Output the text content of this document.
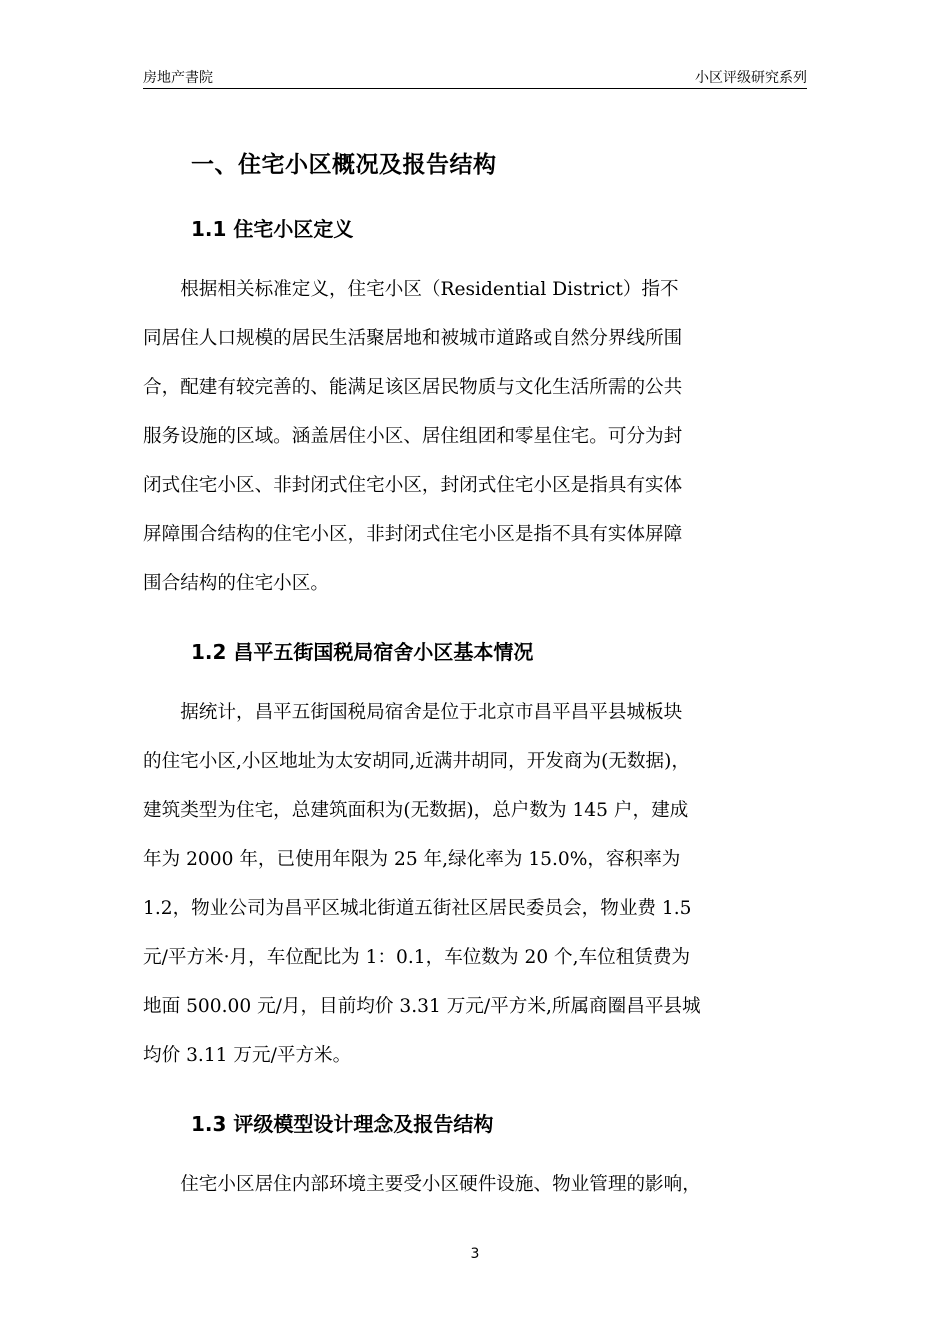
房地产書院	小区评级研究系列
一、住宅小区概况及报告结构
1.1 住宅小区定义
　　根据相关标准定义，住宅小区（Residential District）指不
同居住人口规模的居民生活聚居地和被城市道路或自然分界线所围
合，配建有较完善的、能满足该区居民物质与文化生活所需的公共
服务设施的区域。涵盖居住小区、居住组团和零星住宅。可分为封
闭式住宅小区、非封闭式住宅小区，封闭式住宅小区是指具有实体
屏障围合结构的住宅小区，非封闭式住宅小区是指不具有实体屏障
围合结构的住宅小区。
1.2 昌平五街国税局宿舍小区基本情况
　　据统计，昌平五街国税局宿舍是位于北京市昌平昌平县城板块
的住宅小区,小区地址为太安胡同,近满井胡同，开发商为(无数据)，
建筑类型为住宅，总建筑面积为(无数据)，总户数为 145 户，建成
年为 2000 年，已使用年限为 25 年,绿化率为 15.0%，容积率为
1.2，物业公司为昌平区城北街道五街社区居民委员会，物业费 1.5
元/平方米·月，车位配比为 1：0.1，车位数为 20 个,车位租赁费为
地面 500.00 元/月，目前均价 3.31 万元/平方米,所属商圈昌平县城
均价 3.11 万元/平方米。
1.3 评级模型设计理念及报告结构
　　住宅小区居住内部环境主要受小区硬件设施、物业管理的影响，
3
